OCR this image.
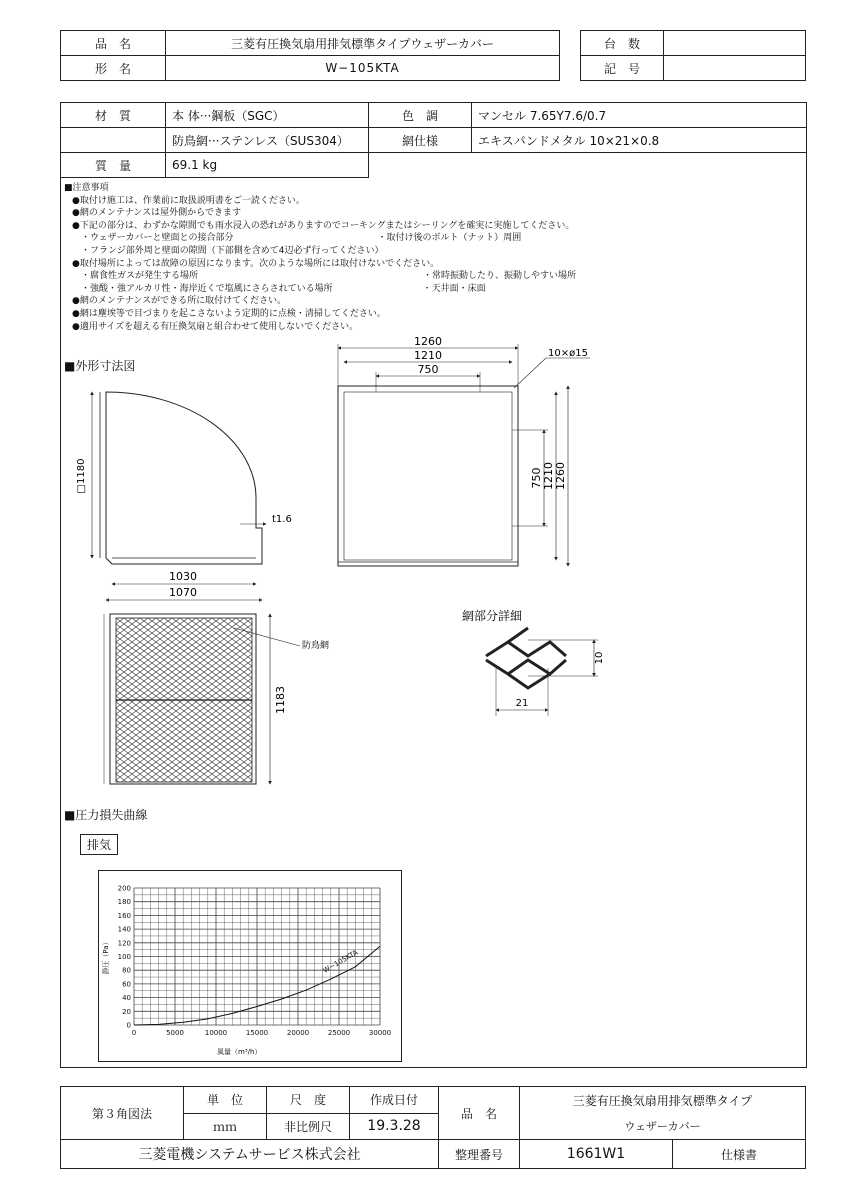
品　名	三菱有圧換気扇用排気標準タイプウェザーカバー
形　名	W−105KTA
台　数	
記　号	
材　質	本 体···鋼板（SGC）	色　調	マンセル 7.65Y7.6/0.7
	防鳥網···ステンレス（SUS304）	網仕様	エキスパンドメタル 10×21×0.8
質　量	69.1 kg		
■注意事項
●取付け施工は、作業前に取扱説明書をご一読ください。
●網のメンテナンスは屋外側からできます
●下記の部分は、わずかな隙間でも雨水浸入の恐れがありますのでコーキングまたはシーリングを確実に実施してください。
　・ウェザーカバーと壁面との接合部分　　　　　　　　　　　　　　　　・取付け後のボルト（ナット）周囲
　・フランジ部外周と壁面の隙間（下部側を含めて4辺必ず行ってください）
●取付場所によっては故障の原因になります。次のような場所には取付けないでください。
　・腐食性ガスが発生する場所　　　　　　　　　　　　　　　　　　　　　　　　　・常時振動したり、振動しやすい場所
　・強酸・強アルカリ性・海岸近くで塩風にさらされている場所　　　　　　　　　　・天井面・床面
●網のメンテナンスができる所に取付けてください。
●網は塵埃等で目づまりを起こさないよう定期的に点検・清掃してください。
●適用サイズを超える有圧換気扇と組合わせて使用しないでください。
■外形寸法図
□1180
t1.6
1030
1070
1260
1210
750
10×ø15
750 1210 1260
防鳥網
1183
網部分詳細
10
21
■圧力損失曲線
排気
0
20
40
60
80
100
120
140
160
180
200
0	5000	10000	15000	20000	25000	30000
風量（m³/h）
静圧（Pa）	W−105KTA
第３角図法	単　位	尺　度	作成日付	品　名	三菱有圧換気扇用排気標準タイプ	
	ｍｍ	非比例尺	19.3.28		ウェザーカバー	
三菱電機システムサービス株式会社				整理番号	1661W1	仕様書
